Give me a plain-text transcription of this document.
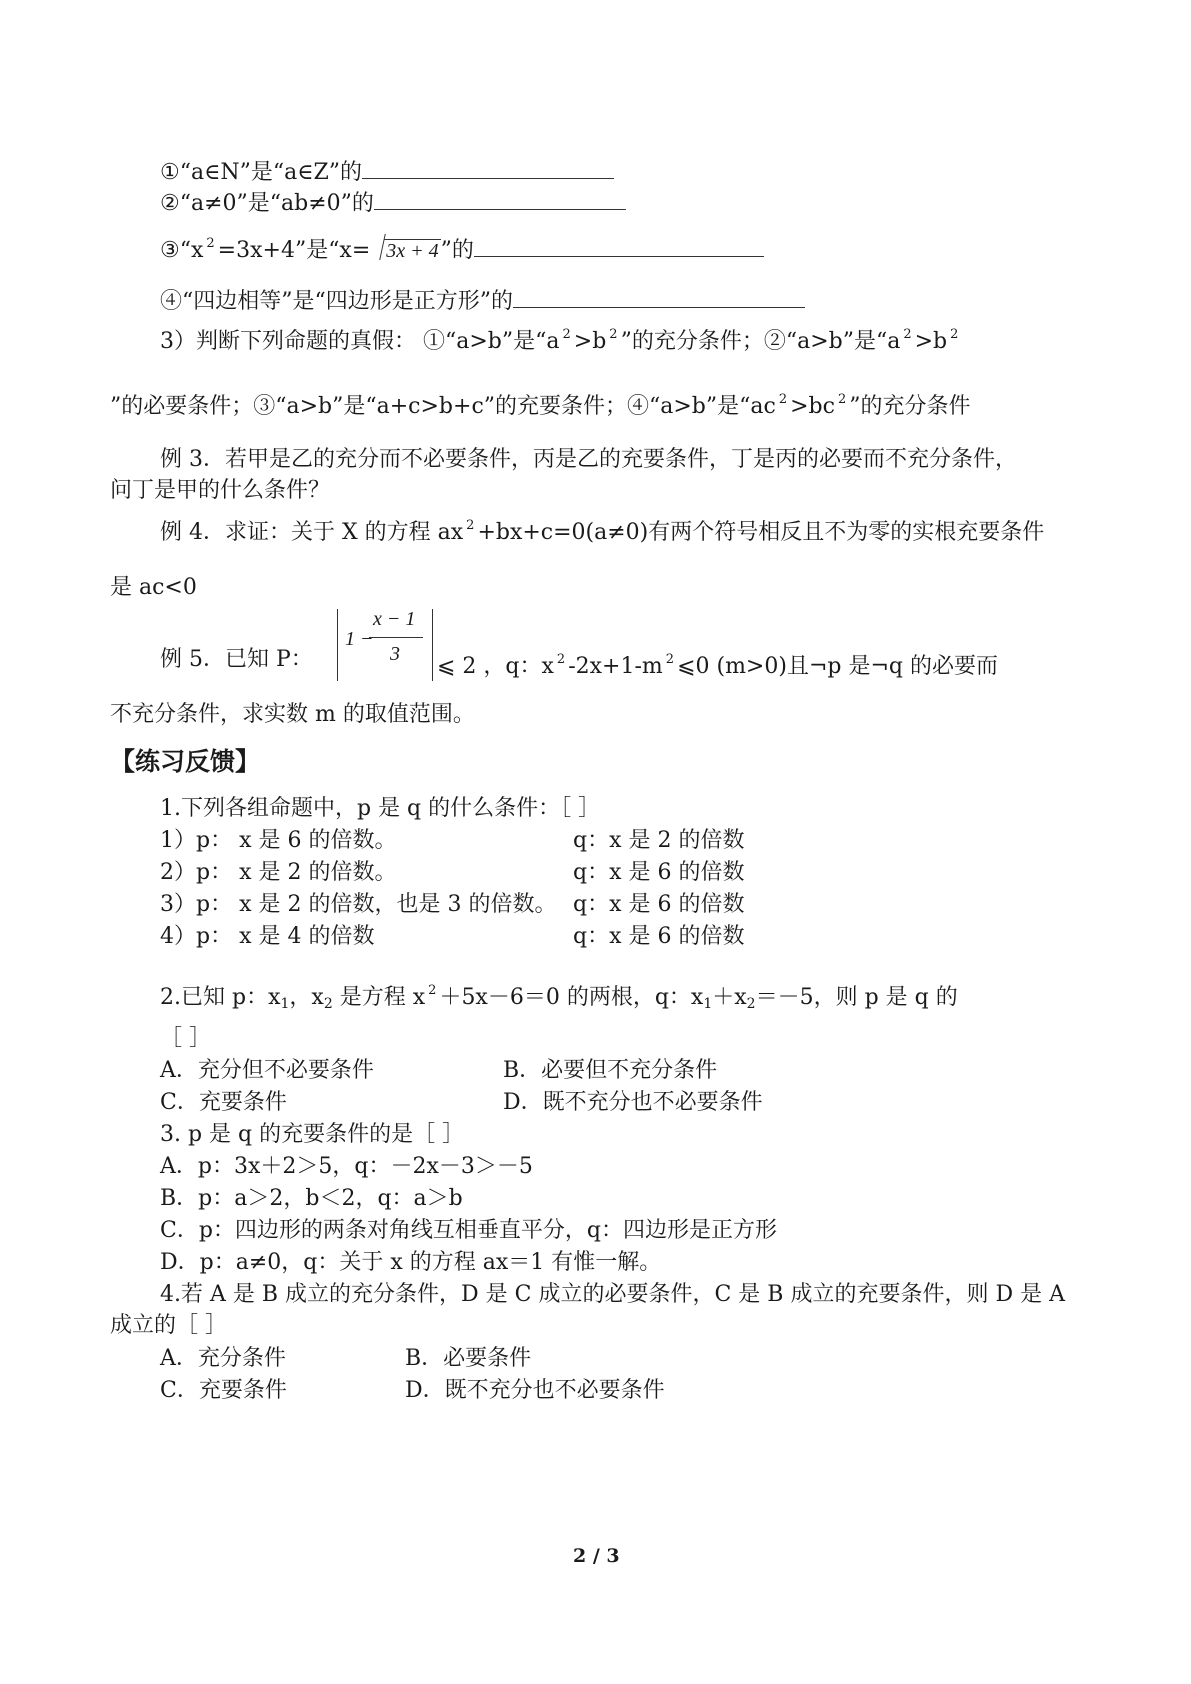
①“a∈N”是“a∈Z”的
②“a≠0”是“ab≠0”的
③“x $^2$ =3x+4”是“x= 3x + 4”的
④“四边相等”是“四边形是正方形”的
3）判断下列命题的真假： ①“a>b”是“a $^2$ >b $^2$ ”的充分条件；②“a>b”是“a $^2$ >b $^2$
”的必要条件；③“a>b”是“a+c>b+c”的充要条件；④“a>b”是“ac $^2$ >bc $^2$ ”的充分条件
例 3．若甲是乙的充分而不必要条件，丙是乙的充要条件，丁是丙的必要而不充分条件，
问丁是甲的什么条件？
例 4．求证：关于 X 的方程 ax $^2$ +bx+c=0(a≠0)有两个符号相反且不为零的实根充要条件
是 ac<0
例 5．已知 P：
1 −
x − 1
3 ⩽ 2 ，q：x $^2$ -2x+1-m $^2$ ⩽0 (m>0)且¬p 是¬q 的必要而
不充分条件，求实数 m 的取值范围。
【练习反馈】
1.下列各组命题中，p 是 q 的什么条件：［ ］
1）p： x 是 6 的倍数。	q：x 是 2 的倍数
2）p： x 是 2 的倍数。	q：x 是 6 的倍数
3）p： x 是 2 的倍数，也是 3 的倍数。 q：x 是 6 的倍数
4）p： x 是 4 的倍数	q：x 是 6 的倍数
2.已知 p：$x_1$，$x_2$ 是方程 x $^2$ ＋5x－6＝0 的两根，q：$x_1+x_2=-5$，则 p 是 q 的
［ ］
A．充分但不必要条件	B．必要但不充分条件
C．充要条件	D．既不充分也不必要条件
3. p 是 q 的充要条件的是［ ］
A．p：3x＋2＞5，q：－2x－3＞－5
B．p：a＞2，b＜2，q：a＞b
C．p：四边形的两条对角线互相垂直平分，q：四边形是正方形
D．p：a≠0，q：关于 x 的方程 ax＝1 有惟一解。
4.若 A 是 B 成立的充分条件，D 是 C 成立的必要条件，C 是 B 成立的充要条件，则 D 是 A
成立的［ ］
A．充分条件	B．必要条件
C．充要条件	D．既不充分也不必要条件
2 / 3
